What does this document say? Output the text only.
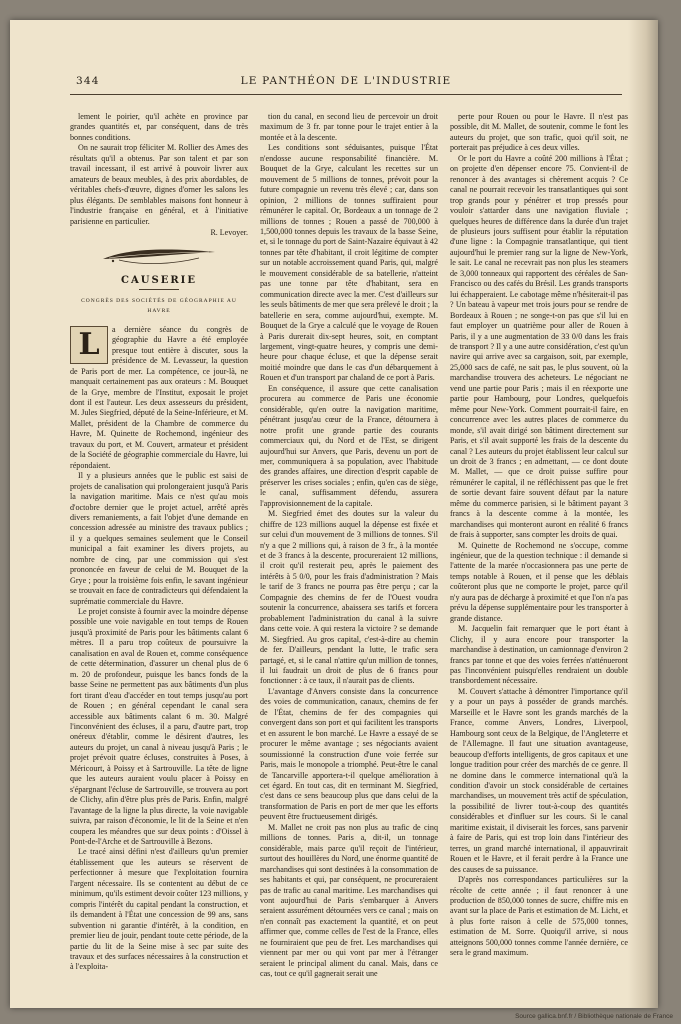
344	LE PANTHÉON DE L'INDUSTRIE

lement le poirier, qu'il achète en province par grandes quantités et, par conséquent, dans de très bonnes conditions.

On ne saurait trop féliciter M. Rollier des Ames des résultats qu'il a obtenus. Par son talent et par son travail incessant, il est arrivé à pouvoir livrer aux amateurs de beaux meubles, à des prix abordables, de véritables chefs-d'œuvre, dignes d'orner les salons les plus élégants. De semblables maisons font honneur à l'industrie française en général, et à l'initiative parisienne en particulier.

R. Levoyer.
CAUSERIE
CONGRÈS DES SOCIÉTÉS DE GÉOGRAPHIE AU HAVRE
L	a dernière séance du congrès de géographie du Havre a été employée presque tout entière à discuter, sous la présidence de M. Levasseur, la question de Paris port de mer. La compétence, ce jour-là, ne manquait certainement pas aux orateurs : M. Bouquet de la Grye, membre de l'Institut, exposait le projet dont il est l'auteur. Les deux assesseurs du président, M. Jules Siegfried, député de la Seine-Inférieure, et M. Mallet, président de la Chambre de commerce du Havre, M. Quinette de Rochemond, ingénieur des travaux du port, et M. Couvert, armateur et président de la Société de géographie commerciale du Havre, lui répondaient.

Il y a plusieurs années que le public est saisi de projets de canalisation qui prolongeraient jusqu'à Paris la navigation maritime. Mais ce n'est qu'au mois d'octobre dernier que le projet actuel, arrêté après divers remaniements, a fait l'objet d'une demande en concession adressée au ministre des travaux publics ; il y a quelques semaines seulement que le Conseil municipal a fait examiner les divers projets, au nombre de cinq, par une commission qui s'est prononcée en faveur de celui de M. Bouquet de la Grye ; pour la troisième fois enfin, le savant ingénieur se trouvait en face de contradicteurs qui défendaient la suprématie commerciale du Havre.

Le projet consiste à fournir avec la moindre dépense possible une voie navigable en tout temps de Rouen jusqu'à proximité de Paris pour les bâtiments calant 6 mètres. Il a paru trop coûteux de poursuivre la canalisation en aval de Rouen et, comme conséquence de cette détermination, d'assurer un chenal plus de 6 m. 20 de profondeur, puisque les bancs fonds de la basse Seine ne permettent pas aux bâtiments d'un plus fort tirant d'eau d'accéder en tout temps jusqu'au port de Rouen ; en général cependant le canal sera accessible aux bâtiments calant 6 m. 30. Malgré l'inconvénient des écluses, il a paru, d'autre part, trop onéreux d'établir, comme le désirent d'autres, les auteurs du projet, un canal à niveau jusqu'à Paris ; le projet prévoit quatre écluses, construites à Poses, à Méricourt, à Poissy et à Sartrouville. La tête de ligne que les auteurs auraient voulu placer à Poissy en s'épargnant l'écluse de Sartrouville, se trouvera au port de Clichy, afin d'être plus près de Paris. Enfin, malgré l'avantage de la ligne la plus directe, la voie navigable suivra, par raison d'économie, le lit de la Seine et n'en coupera les méandres que sur deux points : d'Oissel à Pont-de-l'Arche et de Sartrouville à Bezons.

Le tracé ainsi défini n'est d'ailleurs qu'un premier établissement que les auteurs se réservent de perfectionner à mesure que l'exploitation fournira l'argent nécessaire. Ils se contentent au début de ce minimum, qu'ils estiment devoir coûter 123 millions, y compris l'intérêt du capital pendant la construction, et ils demandent à l'État une concession de 99 ans, sans subvention ni garantie d'intérêt, à la condition, en premier lieu de jouir, pendant toute cette période, de la partie du lit de la Seine mise à sec par suite des travaux et des surfaces nécessaires à la construction et à l'exploita-

tion du canal, en second lieu de percevoir un droit maximum de 3 fr. par tonne pour le trajet entier à la montée et à la descente.

Les conditions sont séduisantes, puisque l'État n'endosse aucune responsabilité financière. M. Bouquet de la Grye, calculant les recettes sur un mouvement de 5 millions de tonnes, prévoit pour la future compagnie un revenu très élevé ; car, dans son opinion, 2 millions de tonnes suffiraient pour rémunérer le capital. Or, Bordeaux a un tonnage de 2 millions de tonnes ; Rouen a passé de 700,000 à 1,500,000 tonnes depuis les travaux de la basse Seine, et, si le tonnage du port de Saint-Nazaire équivaut à 42 tonnes par tête d'habitant, il croit légitime de compter sur un notable accroissement quand Paris, qui, malgré le mouvement considérable de sa batellerie, n'atteint pas une tonne par tête d'habitant, sera en communication directe avec la mer. C'est d'ailleurs sur les seuls bâtiments de mer que sera prélevé le droit ; la batellerie en sera, comme aujourd'hui, exempte. M. Bouquet de la Grye a calculé que le voyage de Rouen à Paris durerait dix-sept heures, soit, en comptant largement, vingt-quatre heures, y compris une demi-heure pour chaque écluse, et que la dépense serait moitié moindre que dans le cas d'un débarquement à Rouen et d'un transport par chaland de ce port à Paris.

En conséquence, il assure que cette canalisation procurera au commerce de Paris une économie considérable, qu'en outre la navigation maritime, pénétrant jusqu'au cœur de la France, détournera à notre profit une grande partie des courants commerciaux qui, du Nord et de l'Est, se dirigent aujourd'hui sur Anvers, que Paris, devenu un port de mer, communiquera à sa population, avec l'habitude des grandes affaires, une direction d'esprit capable de préserver les crises sociales ; enfin, qu'en cas de siège, le canal, suffisamment défendu, assurera l'approvisionnement de la capitale.

M. Siegfried émet des doutes sur la valeur du chiffre de 123 millions auquel la dépense est fixée et sur celui d'un mouvement de 3 millions de tonnes. S'il n'y a que 2 millions qui, à raison de 3 fr., à la montée et de 3 francs à la descente, procureraient 12 millions, il croit qu'il resterait peu, après le paiement des intérêts à 5 0/0, pour les frais d'administration ? Mais le tarif de 3 francs ne pourra pas être perçu ; car la Compagnie des chemins de fer de l'Ouest voudra soutenir la concurrence, abaissera ses tarifs et forcera probablement l'administration du canal à la suivre dans cette voie. A qui restera la victoire ? se demande M. Siegfried. Au gros capital, c'est-à-dire au chemin de fer. D'ailleurs, pendant la lutte, le trafic sera partagé, et, si le canal n'attire qu'un million de tonnes, il lui faudrait un droit de plus de 6 francs pour fonctionner : à ce taux, il n'aurait pas de clients.

L'avantage d'Anvers consiste dans la concurrence des voies de communication, canaux, chemins de fer de l'État, chemins de fer des compagnies qui convergent dans son port et qui facilitent les transports et en assurent le bon marché. Le Havre a essayé de se procurer le même avantage ; ses négociants avaient soumissionné la construction d'une voie ferrée sur Paris, mais le monopole a triomphé. Peut-être le canal de Tancarville apportera-t-il quelque amélioration à cet égard. En tout cas, dit en terminant M. Siegfried, c'est dans ce sens beaucoup plus que dans celui de la transformation de Paris en port de mer que les efforts peuvent être fructueusement dirigés.

M. Mallet ne croit pas non plus au trafic de cinq millions de tonnes. Paris a, dit-il, un tonnage considérable, mais parce qu'il reçoit de l'intérieur, surtout des houillères du Nord, une énorme quantité de marchandises qui sont destinées à la consommation de ses habitants et qui, par conséquent, ne procureraient pas de trafic au canal maritime. Les marchandises qui vont aujourd'hui de Paris s'embarquer à Anvers seraient assurément détournées vers ce canal ; mais on n'en connaît pas exactement la quantité, et on peut affirmer que, comme celles de l'est de la France, elles ne fourniraient que peu de fret. Les marchandises qui viennent par mer ou qui vont par mer à l'étranger seraient le principal aliment du canal. Mais, dans ce cas, tout ce qu'il gagnerait serait une

perte pour Rouen ou pour le Havre. Il n'est pas possible, dit M. Mallet, de soutenir, comme le font les auteurs du projet, que son trafic, quoi qu'il soit, ne porterait pas préjudice à ces deux villes.

Or le port du Havre a coûté 200 millions à l'État ; on projette d'en dépenser encore 75. Convient-il de renoncer à des avantages si chèrement acquis ? Ce canal ne pourrait recevoir les transatlantiques qui sont trop grands pour y pénétrer et trop pressés pour vouloir s'attarder dans une navigation fluviale ; quelques heures de différence dans la durée d'un trajet de plusieurs jours suffisent pour établir la réputation d'une ligne : la Compagnie transatlantique, qui tient aujourd'hui le premier rang sur la ligne de New-York, le sait. Le canal ne recevrait pas non plus les steamers de 3,000 tonneaux qui rapportent des céréales de San-Francisco ou des cafés du Brésil. Les grands transports lui échapperaient. Le cabotage même n'hésiterait-il pas ? Un bateau à vapeur met trois jours pour se rendre de Bordeaux à Rouen ; ne songe-t-on pas que s'il lui en faut employer un quatrième pour aller de Rouen à Paris, il y a une augmentation de 33 0/0 dans les frais de transport ? Il y a une autre considération, c'est qu'un navire qui arrive avec sa cargaison, soit, par exemple, 25,000 sacs de café, ne sait pas, le plus souvent, où la marchandise trouvera des acheteurs. Le négociant ne vend une partie pour Paris ; mais il en réexporte une partie pour Hambourg, pour Londres, quelquefois même pour New-York. Comment pourrait-il faire, en concurrence avec les autres places de commerce du monde, s'il avait dirigé son bâtiment directement sur Paris, et s'il avait supporté les frais de la descente du canal ? Les auteurs du projet établissent leur calcul sur un droit de 3 francs ; en admettant, — ce dont doute M. Mallet, — que ce droit puisse suffire pour rémunérer le capital, il ne réfléchissent pas que le fret de sortie devant faire souvent défaut par la nature même du commerce parisien, si le bâtiment payant 3 francs à la descente comme à la montée, les marchandises qui monteront auront en réalité 6 francs de frais à supporter, sans compter les droits de quai.

M. Quinette de Rochemond ne s'occupe, comme ingénieur, que de la question technique : il demande si l'attente de la marée n'occasionnera pas une perte de temps notable à Rouen, et il pense que les déblais coûteront plus que ne comporte le projet, parce qu'il n'y aura pas de décharge à proximité et que l'on n'a pas prévu la dépense supplémentaire pour les transporter à grande distance.

M. Jacquelin fait remarquer que le port étant à Clichy, il y aura encore pour transporter la marchandise à destination, un camionnage d'environ 2 francs par tonne et que des voies ferrées n'atténueront pas l'inconvénient puisqu'elles rendraient un double transbordement nécessaire.

M. Couvert s'attache à démontrer l'importance qu'il y a pour un pays à posséder de grands marchés. Marseille et le Havre sont les grands marchés de la France, comme Anvers, Londres, Liverpool, Hambourg sont ceux de la Belgique, de l'Angleterre et de l'Allemagne. Il faut une situation avantageuse, beaucoup d'efforts intelligents, de gros capitaux et une longue tradition pour créer des marchés de ce genre. Il ne domine dans le commerce international qu'à la condition d'avoir un stock considérable de certaines marchandises, un mouvement très actif de spéculation, la possibilité de livrer tout-à-coup des quantités considérables et d'influer sur les cours. Si le canal maritime existait, il diviserait les forces, sans parvenir à faire de Paris, qui est trop loin dans l'intérieur des terres, un grand marché international, il appauvrirait Rouen et le Havre, et il ferait perdre à la France une des causes de sa puissance.

D'après nos correspondances particulières sur la récolte de cette année ; il faut renoncer à une production de 850,000 tonnes de sucre, chiffre mis en avant sur la place de Paris et estimation de M. Licht, et à plus forte raison à celle de 575,000 tonnes, estimation de M. Sorre. Quoiqu'il arrive, si nous atteignons 500,000 tonnes comme l'année dernière, ce sera le grand maximum.

Source gallica.bnf.fr / Bibliothèque nationale de France
